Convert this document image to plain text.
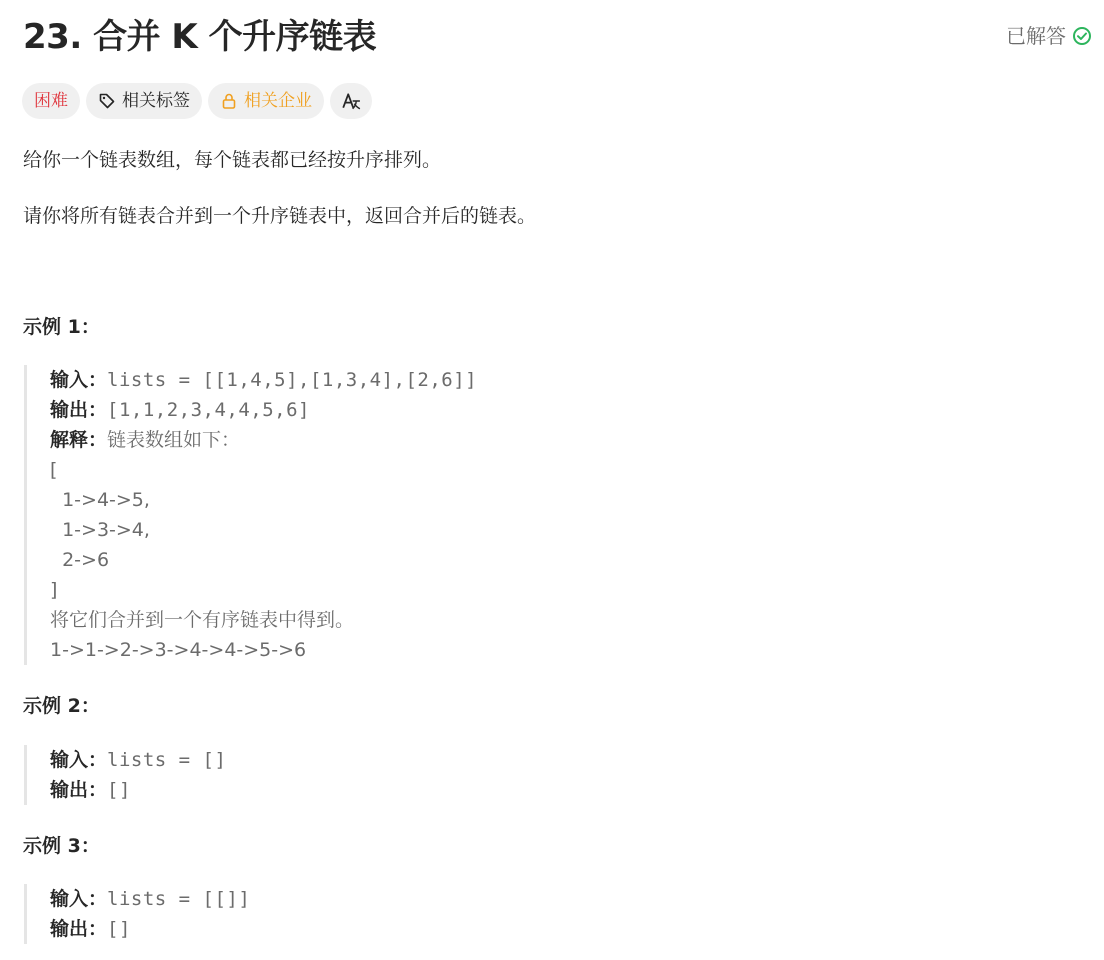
23. 合并 K 个升序链表	已解答
困难	相关标签	相关企业
给你一个链表数组，每个链表都已经按升序排列。
请你将所有链表合并到一个升序链表中，返回合并后的链表。
示例 1：
输入：lists = [[1,4,5],[1,3,4],[2,6]]
输出：[1,1,2,3,4,4,5,6]
解释：链表数组如下：
[
1->4->5,
1->3->4,
2->6
]
将它们合并到一个有序链表中得到。
1->1->2->3->4->4->5->6
示例 2：
输入：lists = []
输出：[]
示例 3：
输入：lists = [[]]
输出：[]
